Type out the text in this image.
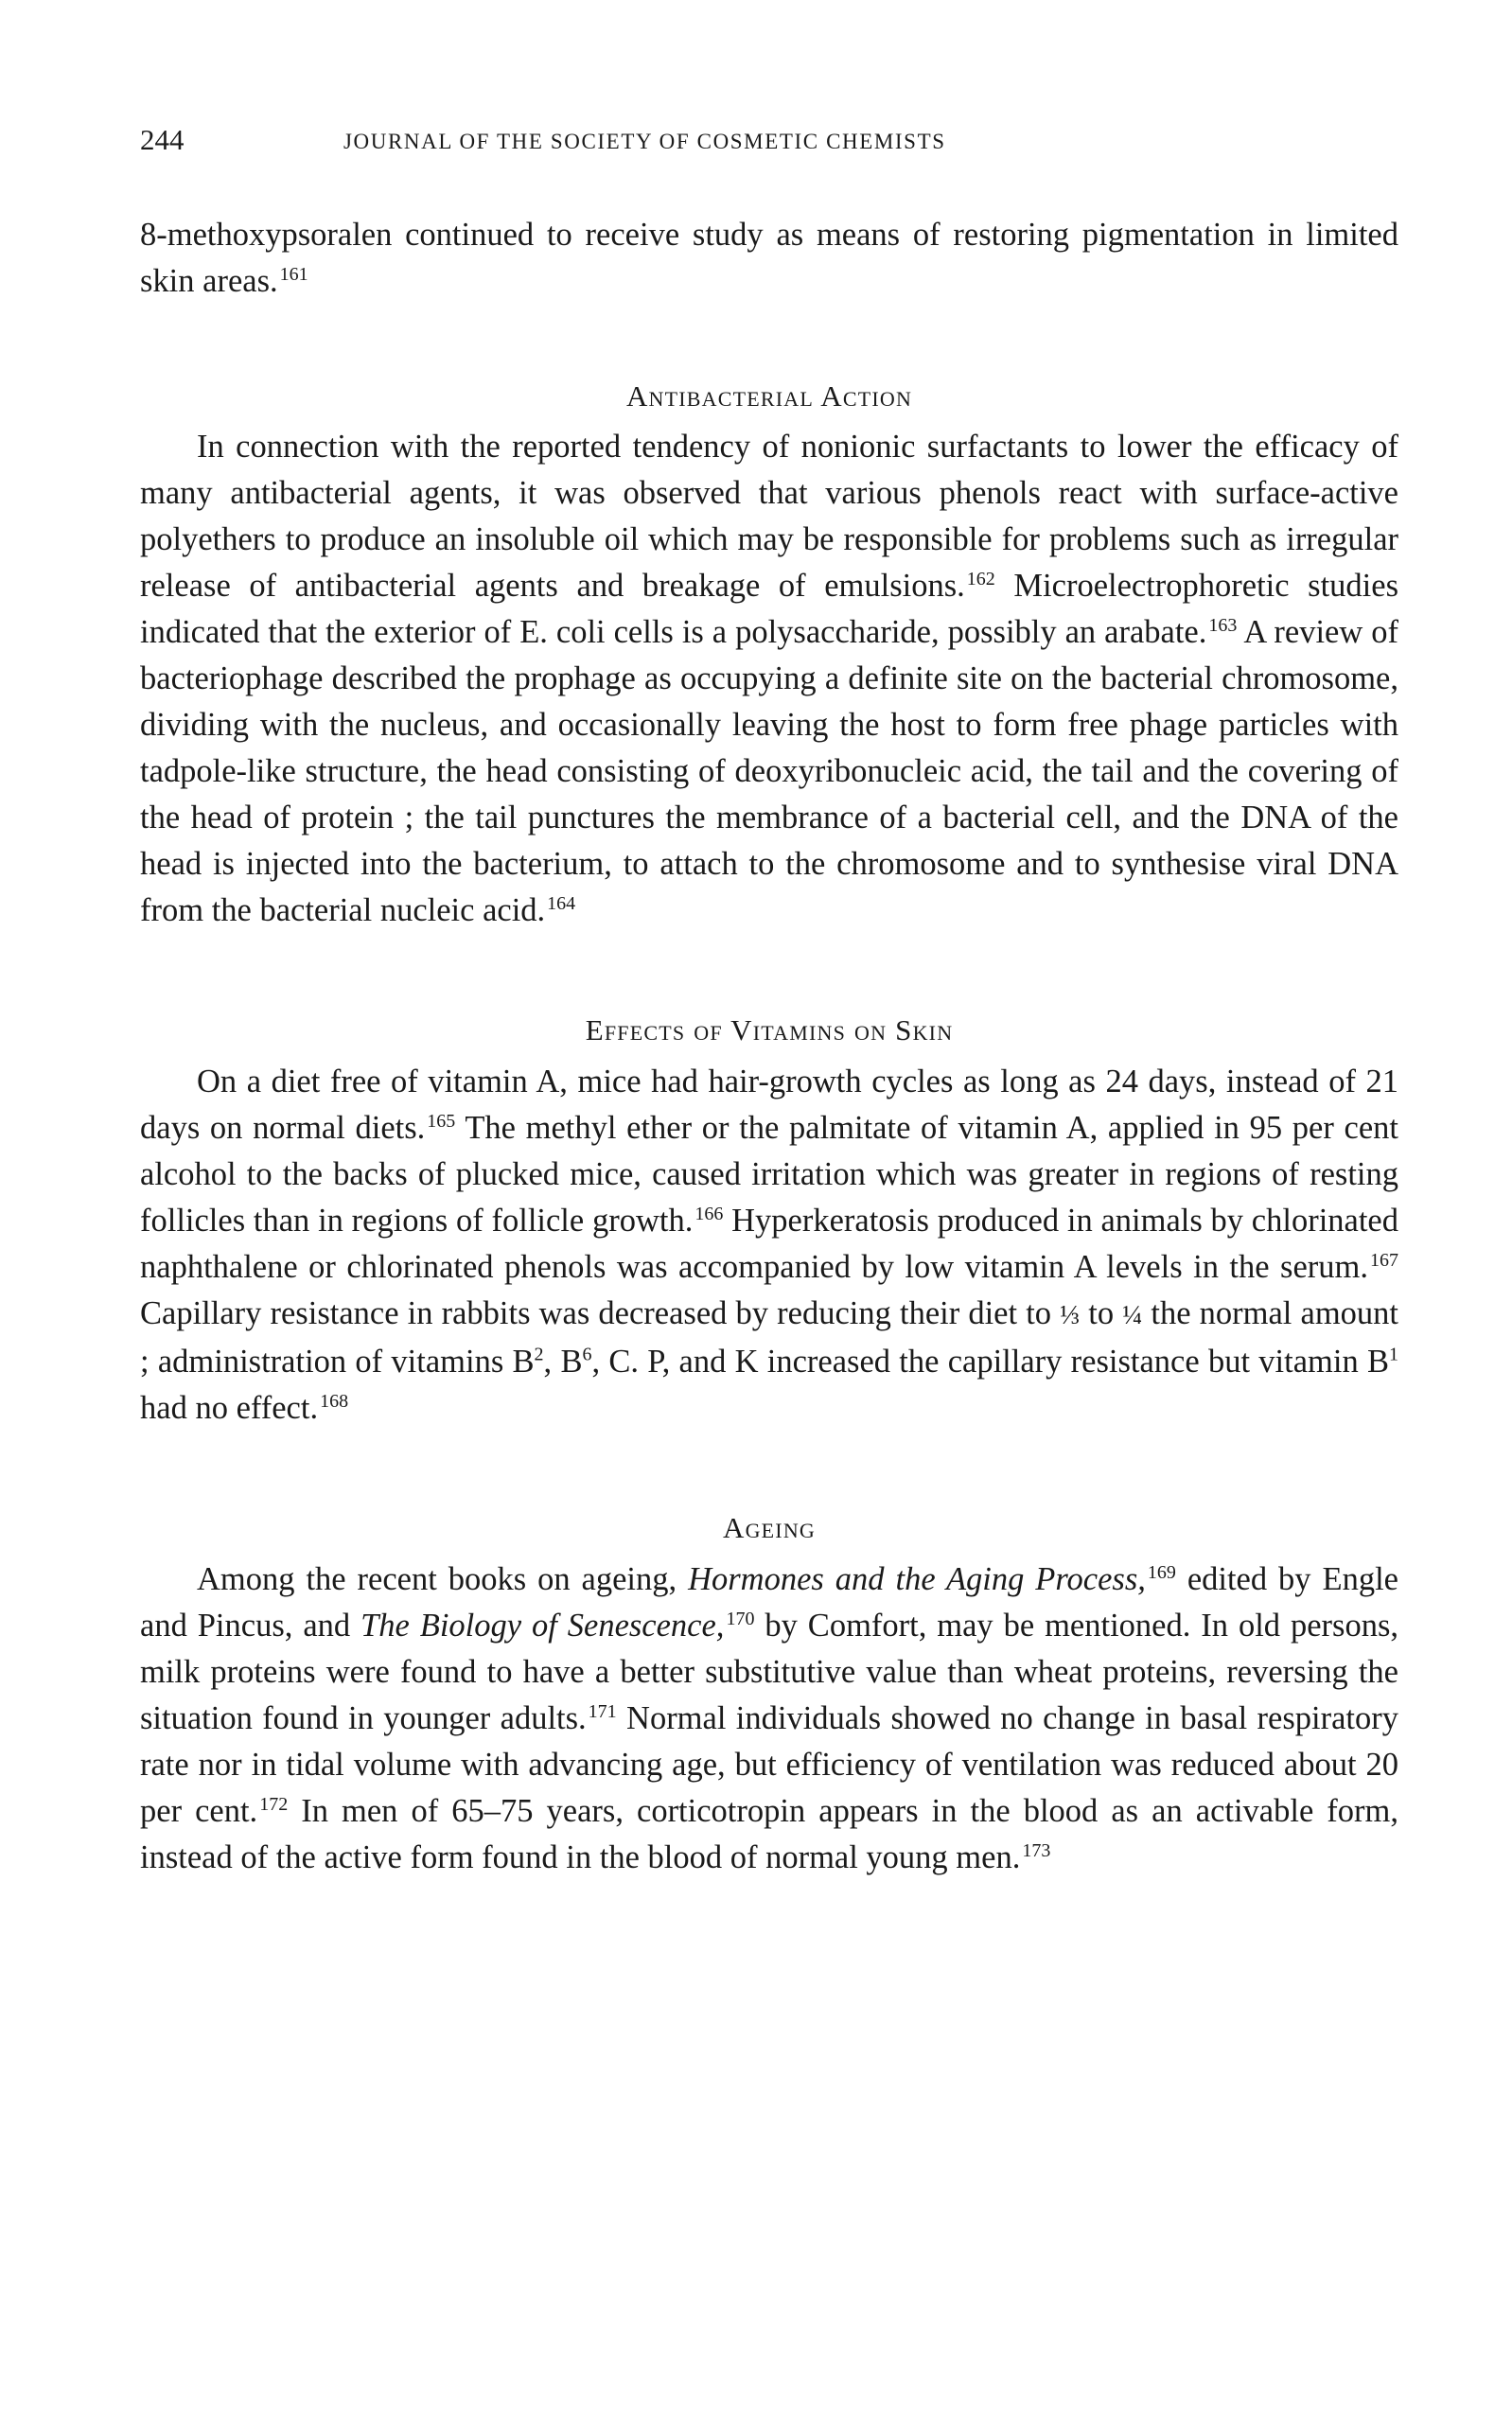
244	JOURNAL OF THE SOCIETY OF COSMETIC CHEMISTS

8-methoxypsoralen continued to receive study as means of restoring pigmentation in limited skin areas. $^{161}$

Antibacterial Action

In connection with the reported tendency of nonionic surfactants to lower the efficacy of many antibacterial agents, it was observed that various phenols react with surface-active polyethers to produce an insoluble oil which may be responsible for problems such as irregular release of antibacterial agents and breakage of emulsions. $^{162}$ Microelectrophoretic studies indicated that the exterior of E. coli cells is a polysaccharide, possibly an arabate. $^{163}$ A review of bacteriophage described the prophage as occupying a definite site on the bacterial chromosome, dividing with the nucleus, and occasionally leaving the host to form free phage particles with tadpole-like structure, the head consisting of deoxyribonucleic acid, the tail and the covering of the head of protein ; the tail punctures the membrance of a bacterial cell, and the DNA of the head is injected into the bacterium, to attach to the chromosome and to synthesise viral DNA from the bacterial nucleic acid. $^{164}$

Effects of Vitamins on Skin

On a diet free of vitamin A, mice had hair-growth cycles as long as 24 days, instead of 21 days on normal diets. $^{165}$ The methyl ether or the palmitate of vitamin A, applied in 95 per cent alcohol to the backs of plucked mice, caused irritation which was greater in regions of resting follicles than in regions of follicle growth. $^{166}$ Hyperkeratosis produced in animals by chlorinated naphthalene or chlorinated phenols was accompanied by low vitamin A levels in the serum. $^{167}$ Capillary resistance in rabbits was decreased by reducing their diet to ⅓ to ¼ the normal amount ; administration of vitamins $B^2$, $B^6$, C. P, and K increased the capillary resistance but vitamin $B^1$ had no effect. $^{168}$

Ageing

Among the recent books on ageing, Hormones and the Aging Process, $^{169}$ edited by Engle and Pincus, and The Biology of Senescence, $^{170}$ by Comfort, may be mentioned. In old persons, milk proteins were found to have a better substitutive value than wheat proteins, reversing the situation found in younger adults. $^{171}$ Normal individuals showed no change in basal respiratory rate nor in tidal volume with advancing age, but efficiency of ventilation was reduced about 20 per cent. $^{172}$ In men of 65–75 years, corticotropin appears in the blood as an activable form, instead of the active form found in the blood of normal young men. $^{173}$
